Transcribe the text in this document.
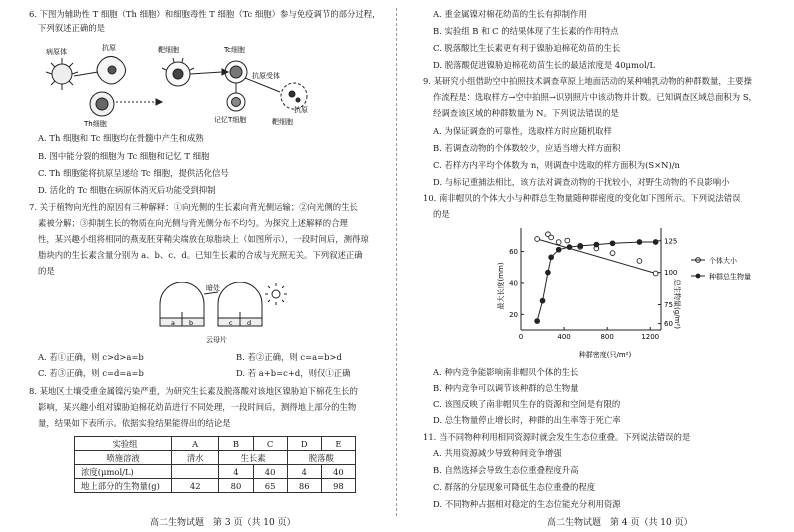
6. 下图为辅助性 T 细胞（Th 细胞）和细胞毒性 T 细胞（Tc 细胞）参与免疫调节的部分过程，
下列叙述正确的是
病原体	抗原	靶细胞	Tc细胞
抗原受体
记忆T细胞
Th细胞	靶细胞
抗原
A. Th 细胞和 Tc 细胞均在骨髓中产生和成熟
B. 图中能分裂的细胞为 Tc 细胞和记忆 T 细胞
C. Th 细胞能将抗原呈递给 Tc 细胞，提供活化信号
D. 活化的 Tc 细胞在病原体消灭后功能受到抑制
7. 关于植物向光性的原因有三种解释：①向光侧的生长素向背光侧运输；②向光侧的生长
素被分解；③抑制生长的物质在向光侧与背光侧分布不均匀。为探究上述解释的合理
性，某兴趣小组将相同的燕麦胚芽鞘尖端放在琼脂块上（如图所示），一段时间后，测得琼
脂块内的生长素含量分别为 a、b、c、d。已知生长素的合成与光照无关。下列叙述正确
的是
a b	c d
暗处
云母片
A. 若①正确，则 c>d>a=b	B. 若②正确，则 c=a=b>d
C. 若③正确，则 c=d=a=b	D. 若 a+b=c+d，则仅①正确
8. 某地区土壤受重金属镍污染严重，为研究生长素及脱落酸对该地区镍胁迫下棉花生长的
影响，某兴趣小组对镍胁迫棉花幼苗进行不同处理，一段时间后，测得地上部分的生物
量，结果如下表所示。依据实验结果能得出的结论是
实验组	A	B	C	D	E
喷施溶液	清水	生长素		脱落酸	
浓度(μmol/L)		4	40	4	40
地上部分的生物量(g)	42	80	65	86	98
高二生物试题　第 3 页（共 10 页）
A. 重金属镍对棉花幼苗的生长有抑制作用
B. 实验组 B 和 C 的结果体现了生长素的作用特点
C. 脱落酸比生长素更有利于镍胁迫棉花幼苗的生长
D. 脱落酸促进镍胁迫棉花幼苗生长的最适浓度是 40μmol/L
9. 某研究小组借助空中拍照技术调查草原上地面活动的某种哺乳动物的种群数量，主要操
作流程是：选取样方→空中拍照→识别照片中该动物并计数。已知调查区域总面积为 S，
经调查该区域的种群数量为 N。下列说法错误的是
A. 为保证调查的可靠性，选取样方时应随机取样
B. 若调查动物的个体数较少，应适当增大样方面积
C. 若样方内平均个体数为 n，则调查中选取的样方面积为(S×N)/n
D. 与标记重捕法相比，该方法对调查动物的干扰较小，对野生动物的不良影响小
10. 南非帽贝的个体大小与种群总生物量随种群密度的变化如下图所示。下列说法错误
的是
0	400	800	1200
20
40
60
60
75
100
125
最大长度(mm)	总生物量(g/m²)
种群密度(只/m²)
个体大小
种群总生物量
A. 种内竞争能影响南非帽贝个体的生长
B. 种内竞争可以调节该种群的总生物量
C. 该图反映了南非帽贝生存的资源和空间是有限的
D. 总生物量停止增长时，种群的出生率等于死亡率
11. 当不同物种利用相同资源时就会发生生态位重叠。下列说法错误的是
A. 共用资源减少导致种间竞争增强
B. 自然选择会导致生态位重叠程度升高
C. 群落的分层现象可降低生态位重叠的程度
D. 不同物种占据相对稳定的生态位能充分利用资源
高二生物试题　第 4 页（共 10 页）
